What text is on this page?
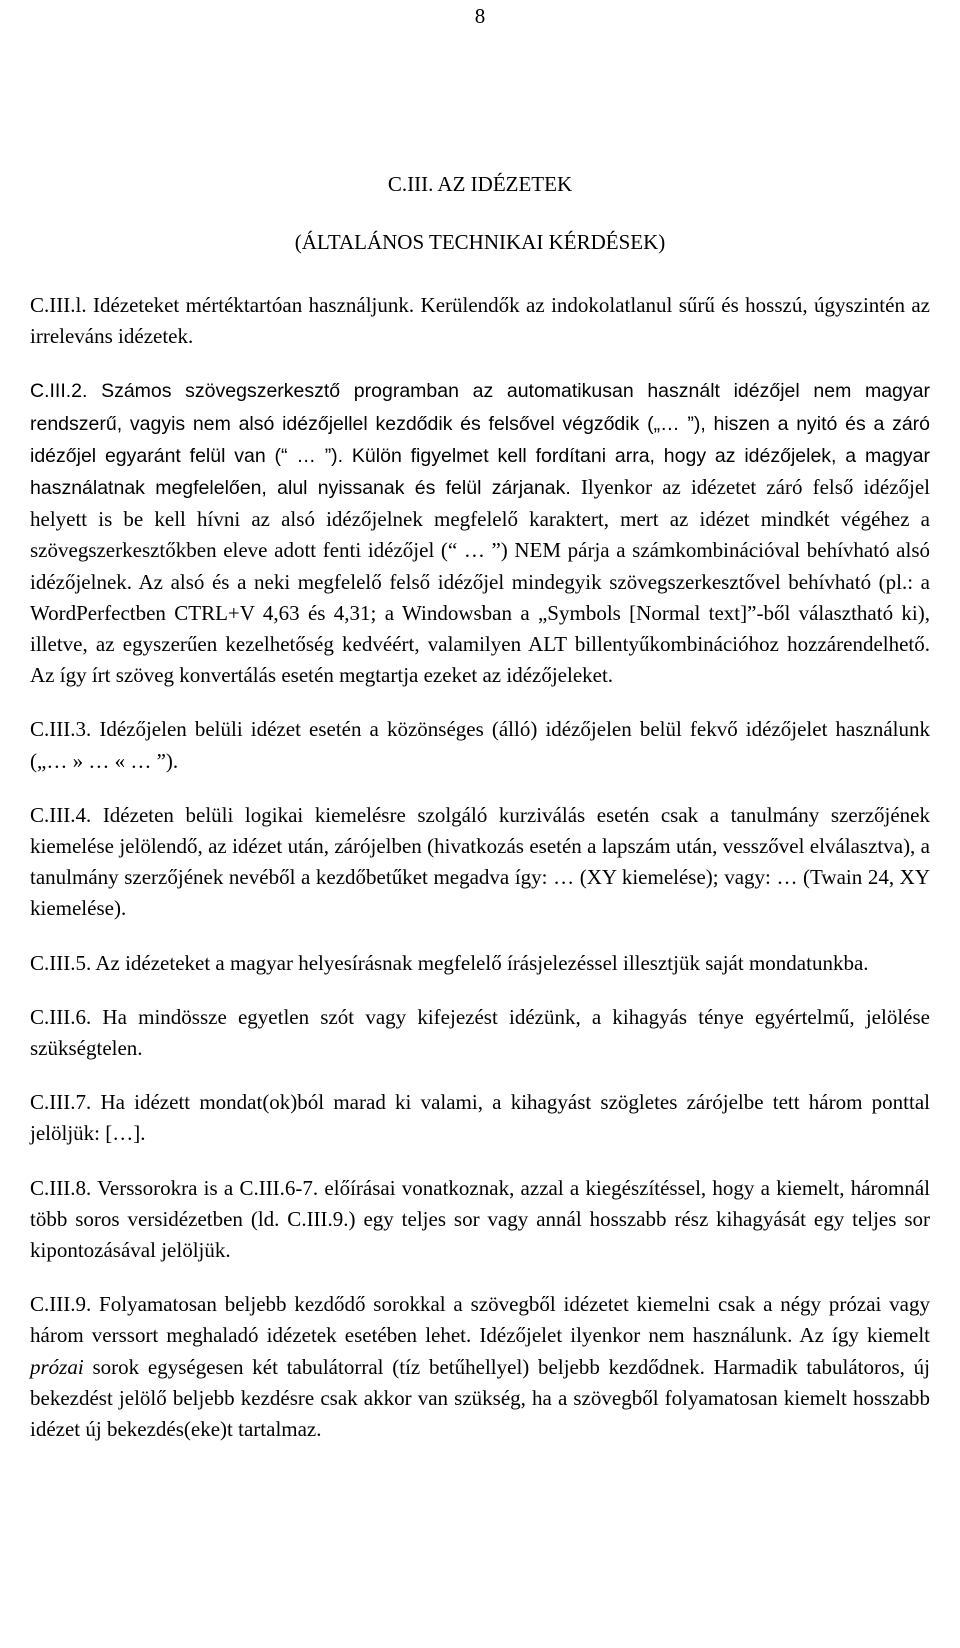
8
C.III. AZ IDÉZETEK
(ÁLTALÁNOS TECHNIKAI KÉRDÉSEK)

C.III.l. Idézeteket mértéktartóan használjunk. Kerülendők az indokolatlanul sűrű és hosszú, úgyszintén az irreleváns idézetek.

C.III.2. Számos szövegszerkesztő programban az automatikusan használt idézőjel nem magyar rendszerű, vagyis nem alsó idézőjellel kezdődik és felsővel végződik („… ”), hiszen a nyitó és a záró idézőjel egyaránt felül van (“ … ”). Külön figyelmet kell fordítani arra, hogy az idézőjelek, a magyar használatnak megfelelően, alul nyissanak és felül zárjanak. Ilyenkor az idézetet záró felső idézőjel helyett is be kell hívni az alsó idézőjelnek megfelelő karaktert, mert az idézet mindkét végéhez a szövegszerkesztőkben eleve adott fenti idézőjel (“ … ”) NEM párja a számkombinációval behívható alsó idézőjelnek. Az alsó és a neki megfelelő felső idézőjel mindegyik szövegszerkesztővel behívható (pl.: a WordPerfectben CTRL+V 4,63 és 4,31; a Windowsban a „Symbols [Normal text]”-ből választható ki), illetve, az egyszerűen kezelhetőség kedvéért, valamilyen ALT billentyűkombinációhoz hozzárendelhető. Az így írt szöveg konvertálás esetén megtartja ezeket az idézőjeleket.

C.III.3. Idézőjelen belüli idézet esetén a közönséges (álló) idézőjelen belül fekvő idézőjelet használunk („… » … « … ”).

C.III.4. Idézeten belüli logikai kiemelésre szolgáló kurziválás esetén csak a tanulmány szerzőjének kiemelése jelölendő, az idézet után, zárójelben (hivatkozás esetén a lapszám után, vesszővel elválasztva), a tanulmány szerzőjének nevéből a kezdőbetűket megadva így: … (XY kiemelése); vagy: … (Twain 24, XY kiemelése).

C.III.5. Az idézeteket a magyar helyesírásnak megfelelő írásjelezéssel illesztjük saját mondatunkba.

C.III.6. Ha mindössze egyetlen szót vagy kifejezést idézünk, a kihagyás ténye egyértelmű, jelölése szükségtelen.

C.III.7. Ha idézett mondat(ok)ból marad ki valami, a kihagyást szögletes zárójelbe tett három ponttal jelöljük: […].

C.III.8. Verssorokra is a C.III.6-7. előírásai vonatkoznak, azzal a kiegészítéssel, hogy a kiemelt, háromnál több soros versidézetben (ld. C.III.9.) egy teljes sor vagy annál hosszabb rész kihagyását egy teljes sor kipontozásával jelöljük.

C.III.9. Folyamatosan beljebb kezdődő sorokkal a szövegből idézetet kiemelni csak a négy prózai vagy három verssort meghaladó idézetek esetében lehet. Idézőjelet ilyenkor nem használunk. Az így kiemelt prózai sorok egységesen két tabulátorral (tíz betűhellyel) beljebb kezdődnek. Harmadik tabulátoros, új bekezdést jelölő beljebb kezdésre csak akkor van szükség, ha a szövegből folyamatosan kiemelt hosszabb idézet új bekezdés(eke)t tartalmaz.
